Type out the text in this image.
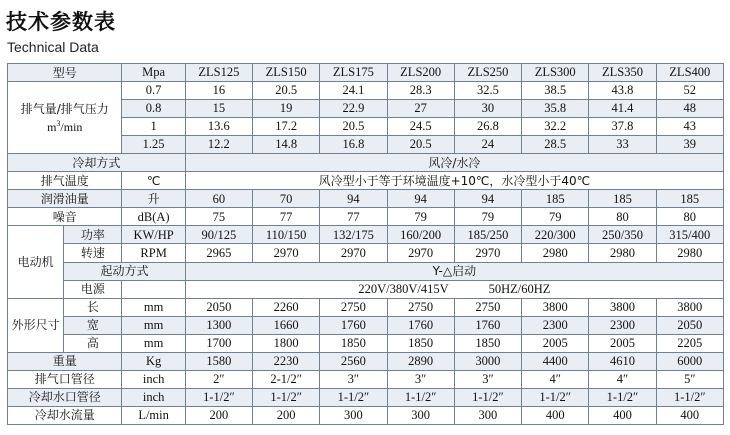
技术参数表
Technical Data
型号		Mpa	ZLS125	ZLS150	ZLS175	ZLS200	ZLS250	ZLS300	ZLS350	ZLS400
排气量/排气压力
$m^3/\min$		0.7	16	20.5	24.1	28.3	32.5	38.5	43.8	52
		0.8	15	19	22.9	27	30	35.8	41.4	48
		1	13.6	17.2	20.5	24.5	26.8	32.2	37.8	43
		1.25	12.2	14.8	16.8	20.5	24	28.5	33	39
冷却方式			风冷/水冷							
排气温度		℃	风冷型小于等于环境温度+10℃，水冷型小于40℃							
润滑油量		升	60	70	94	94	94	185	185	185
噪音		dB(A)	75	77	77	79	79	79	80	80
电动机	功率	KW/HP	90/125	110/150	132/175	160/200	185/250	220/300	250/350	315/400
	转速	RPM	2965	2970	2970	2970	2970	2980	2980	2980
	起动方式		Y-△启动							
	电源		220V/380V/415V 50HZ/60HZ							
外形尺寸	长	mm	2050	2260	2750	2750	2750	3800	3800	3800
	宽	mm	1300	1660	1760	1760	1760	2300	2300	2050
	高	mm	1700	1800	1850	1850	1850	2005	2005	2205
重量		Kg	1580	2230	2560	2890	3000	4400	4610	6000
排气口管径		inch	2″	2-1/2″	3″	3″	3″	4″	4″	5″
冷却水口管径		inch	1-1/2″	1-1/2″	1-1/2″	1-1/2″	1-1/2″	1-1/2″	1-1/2″	1-1/2″
冷却水流量		L/min	200	200	300	300	300	400	400	400
